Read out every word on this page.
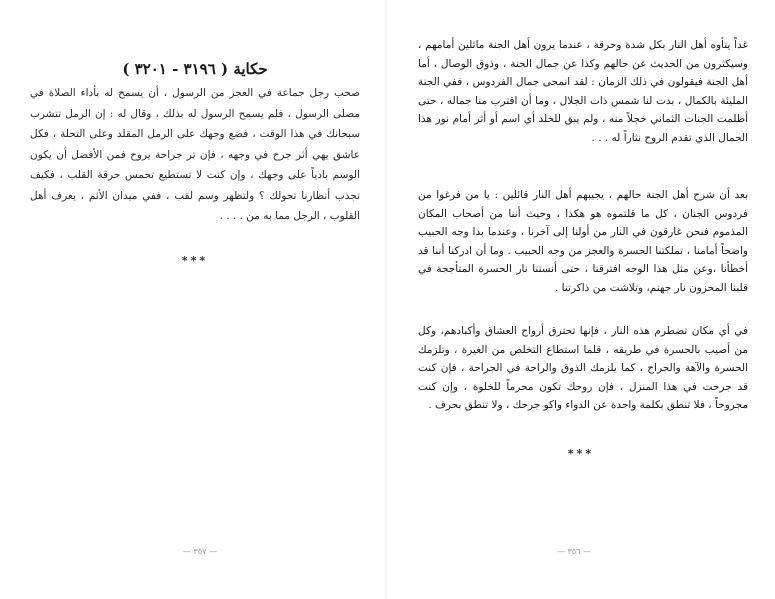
حكاية ( ٣١٩٦ - ٣٢٠١ )

صحب رجل جماعة في العجز من الرسول ، أن يسمح له بأداء الصلاة في مصلى الرسول ، فلم يسمح الرسول له بذلك ، وقال له : إن الرمل تتشرب سبحانك في هذا الوقت ، فضع وجهك على الرمل المقلد وعلى التحلة ، فكل عاشق يهي أثر جرح في وجهه ، فإن تر جراحة يروح فمن الأفضل أن يكون الوسم بادياً على وجهك ، وإن كنت لا تستطيع تحمس حرقة القلب ، فكيف تجذب أنظارنا تحولك ؟ ولتظهر وسم لقب ، ففي ميدان الأثم ، يعرف أهل القلوب ، الرجل مما به من . . . .

***
— ٣٥٧ —

غداً يتأوه أهل النار بكل شدة وحرقة ، عندما يرون أهل الجنة ماثلين أمامهم ، وسيكثرون من الحديث عن حالهم وكذا عن جمال الجنة ، وذوق الوصال ، أما أهل الجنة فيقولون في ذلك الزمان : لقد انمحى جمال الفردوس ، ففي الجنة المليئة بالكمال ، بدت لنا شمس ذات الجلال ، وما أن اقترب منا جماله ، حتى أظلمت الجنات الثماني خجلاً منه ، ولم يبق للخلد أي اسم أو أثر أمام نور هذا الجمال الذي تقدم الروح نثاراً له . . .

بعد أن شرح أهل الجنة حالهم ، يجيبهم أهل النار قائلين : يا من فرغوا من فردوس الجنان ، كل ما قلتموه هو هكذا ، وحيث أننا من أصحاب المكان المذموم فنحن غارقون في النار من أولنا إلى آخرنا ، وعندما بدا وجه الحبيب واضحاً أمامنا ، تملكتنا الحسرة والعجز من وجه الحبيب . وما أن ادركنا أننا قد أخطأنا ،وعن مثل هذا الوجه افترقنا ، حتى أنستنا نار الحسرة المتأججة في قلبنا المحزون نار جهنم، وتلاشت من ذاكرتنا .

في أي مكان تضطرم هذه النار ، فإنها تحترق أرواح العشاق وأكبادهم، وكل من أصيب بالحسرة في طريقه ، قلما استطاع التخلص من الغيرة ، وتلزمك الحسرة والآهة والجراح ، كما يلزمك الذوق والراحة في الجراحة ، فإن كنت قد جرحت في هذا المنزل ، فإن روحك تكون محرماً للخلوة ، وإن كنت مجروحاً ، فلا تنطق بكلمة واحدة عن الدواء واكو جرحك ، ولا تنطق بحرف .

***
— ٣٥٦ —
